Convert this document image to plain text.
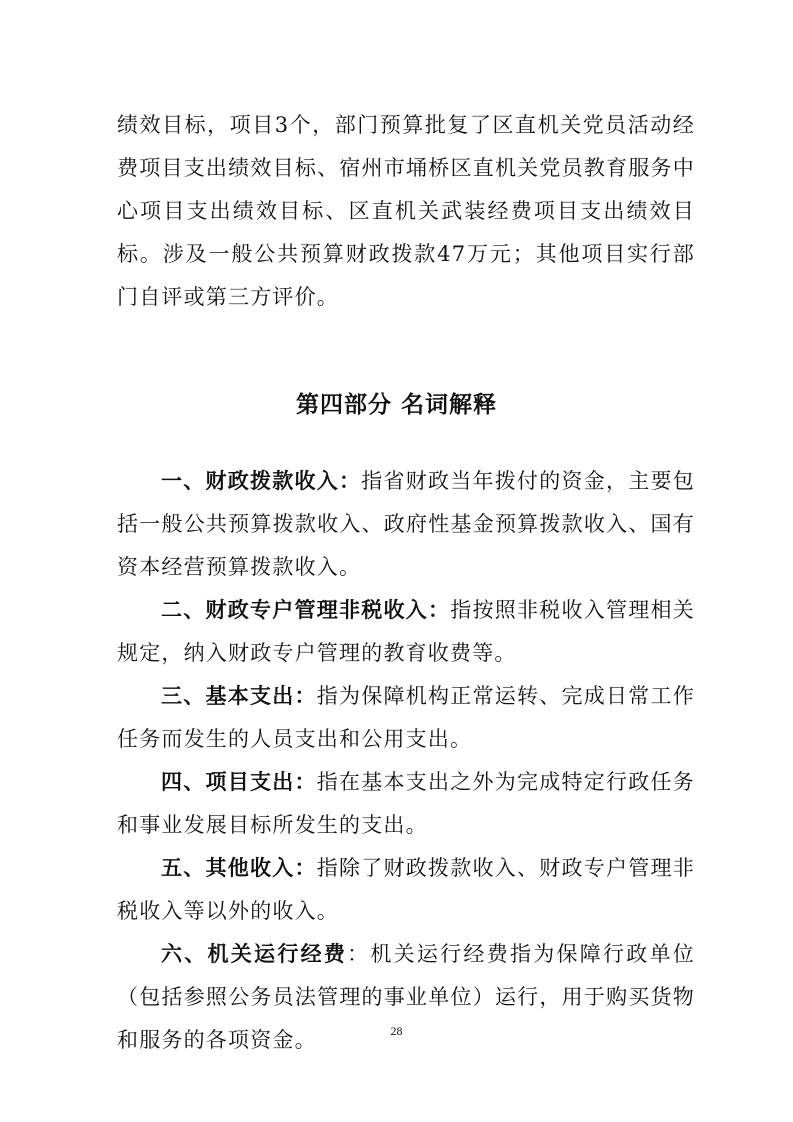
绩效目标，项目3个，部门预算批复了区直机关党员活动经费项目支出绩效目标、宿州市埇桥区直机关党员教育服务中心项目支出绩效目标、区直机关武装经费项目支出绩效目标。涉及一般公共预算财政拨款47万元；其他项目实行部门自评或第三方评价。

第四部分 名词解释

一、财政拨款收入：指省财政当年拨付的资金，主要包括一般公共预算拨款收入、政府性基金预算拨款收入、国有资本经营预算拨款收入。

二、财政专户管理非税收入：指按照非税收入管理相关规定，纳入财政专户管理的教育收费等。

三、基本支出：指为保障机构正常运转、完成日常工作任务而发生的人员支出和公用支出。

四、项目支出：指在基本支出之外为完成特定行政任务和事业发展目标所发生的支出。

五、其他收入：指除了财政拨款收入、财政专户管理非税收入等以外的收入。

六、机关运行经费：机关运行经费指为保障行政单位（包括参照公务员法管理的事业单位）运行，用于购买货物和服务的各项资金。	28
